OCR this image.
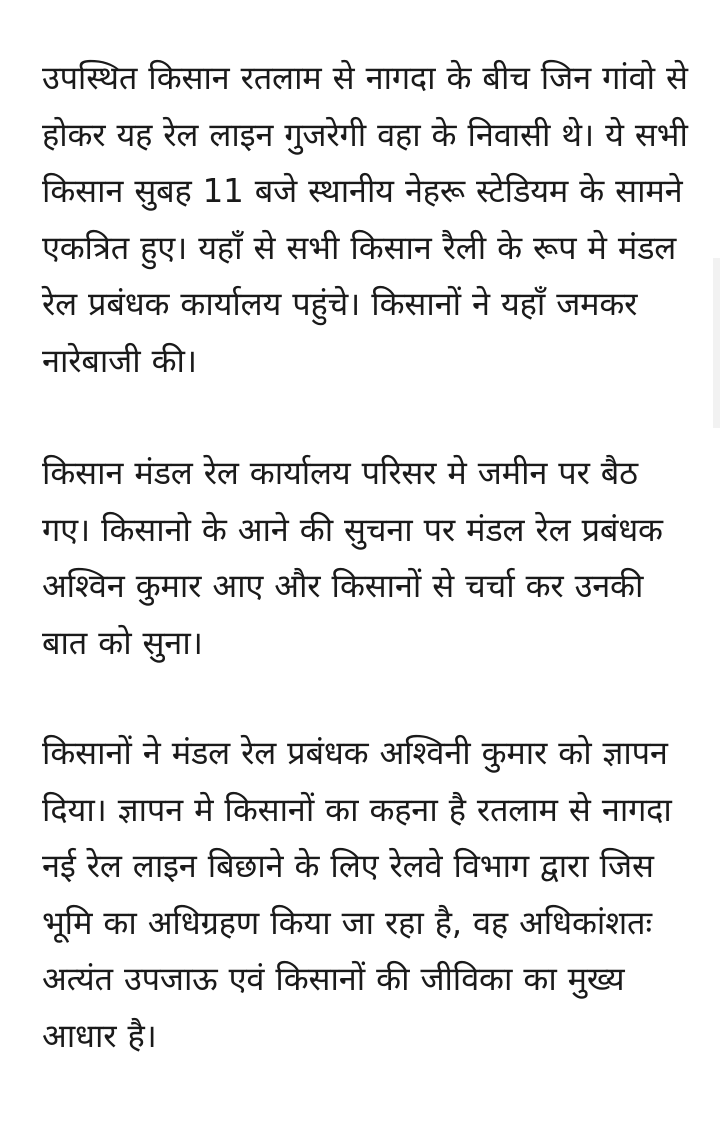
उपस्थित किसान रतलाम से नागदा के बीच जिन गांवो से होकर यह रेल लाइन गुजरेगी वहा के निवासी थे। ये सभी किसान सुबह 11 बजे स्थानीय नेहरू स्टेडियम के सामने एकत्रित हुए। यहाँ से सभी किसान रैली के रूप मे मंडल रेल प्रबंधक कार्यालय पहुंचे। किसानों ने यहाँ जमकर नारेबाजी की।

किसान मंडल रेल कार्यालय परिसर मे जमीन पर बैठ गए। किसानो के आने की सुचना पर मंडल रेल प्रबंधक अश्विन कुमार आए और किसानों से चर्चा कर उनकी बात को सुना।

किसानों ने मंडल रेल प्रबंधक अश्विनी कुमार को ज्ञापन दिया। ज्ञापन मे किसानों का कहना है रतलाम से नागदा नई रेल लाइन बिछाने के लिए रेलवे विभाग द्वारा जिस भूमि का अधिग्रहण किया जा रहा है, वह अधिकांशतः अत्यंत उपजाऊ एवं किसानों की जीविका का मुख्य आधार है।
